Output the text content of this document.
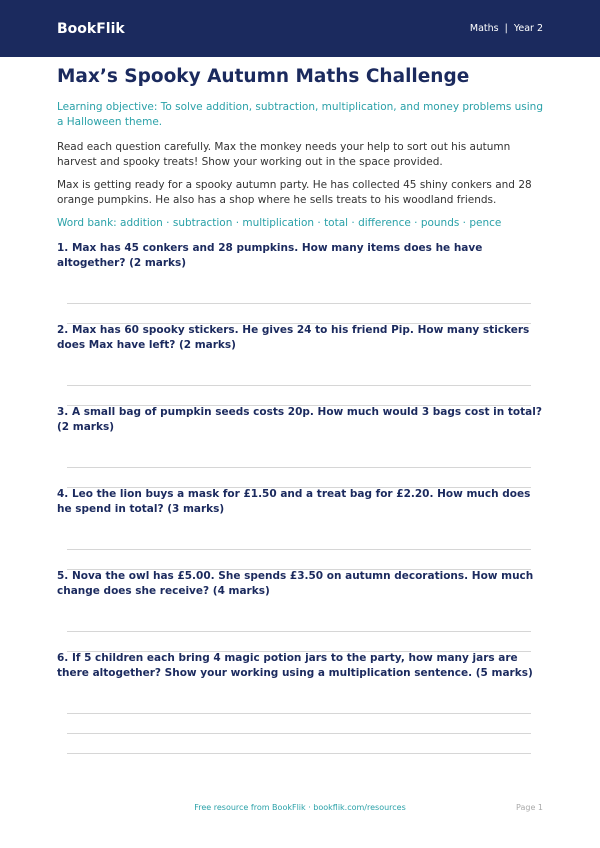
BookFlik	Maths | Year 2
Max’s Spooky Autumn Maths Challenge
Learning objective: To solve addition, subtraction, multiplication, and money problems using a Halloween theme.
Read each question carefully. Max the monkey needs your help to sort out his autumn harvest and spooky treats! Show your working out in the space provided.
Max is getting ready for a spooky autumn party. He has collected 45 shiny conkers and 28 orange pumpkins. He also has a shop where he sells treats to his woodland friends.
Word bank: addition · subtraction · multiplication · total · difference · pounds · pence
1. Max has 45 conkers and 28 pumpkins. How many items does he have altogether? (2 marks)
2. Max has 60 spooky stickers. He gives 24 to his friend Pip. How many stickers does Max have left? (2 marks)
3. A small bag of pumpkin seeds costs 20p. How much would 3 bags cost in total? (2 marks)
4. Leo the lion buys a mask for £1.50 and a treat bag for £2.20. How much does he spend in total? (3 marks)
5. Nova the owl has £5.00. She spends £3.50 on autumn decorations. How much change does she receive? (4 marks)
6. If 5 children each bring 4 magic potion jars to the party, how many jars are there altogether? Show your working using a multiplication sentence. (5 marks)
Free resource from BookFlik · bookflik.com/resources	Page 1
